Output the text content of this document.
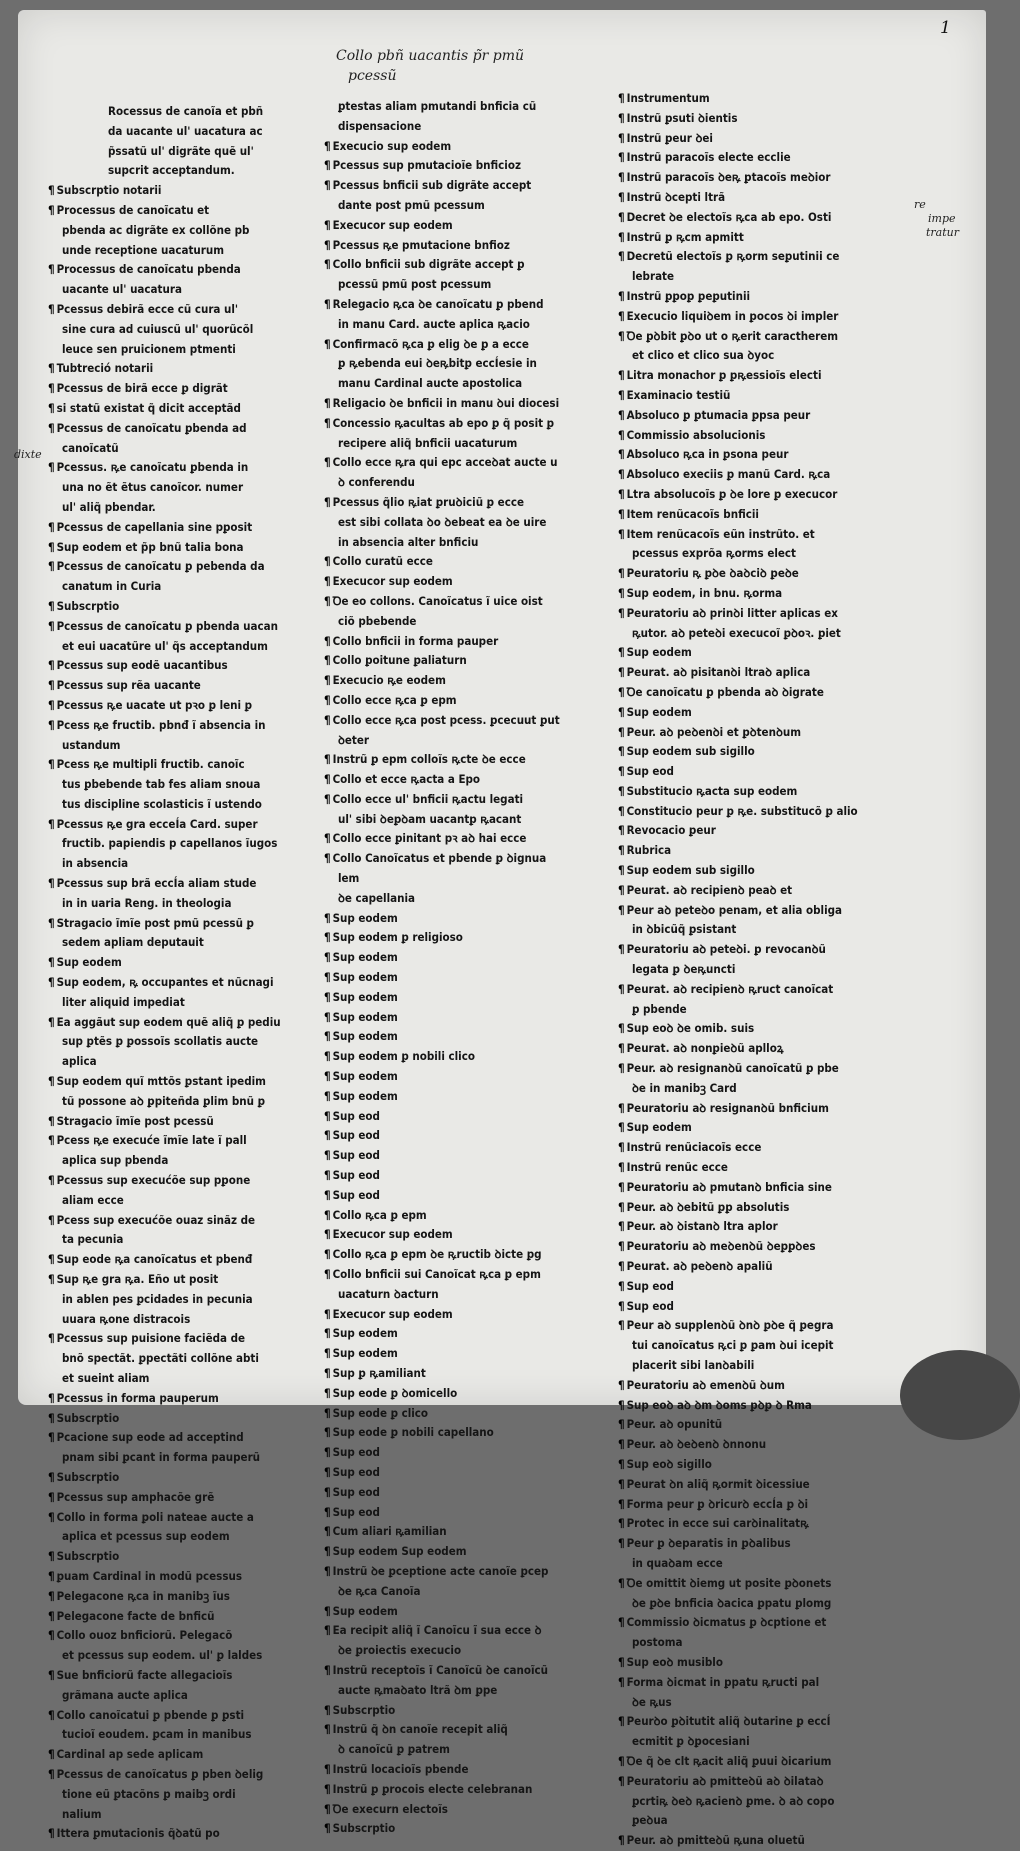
1
Collo pbñ uacantis p̃r pmũ
pcessũ
Rocessus de canoĩa et pbñ
da uacante ul' uacatura ac
p̃ssatũ ul' digrãte quẽ ul'
supcrit acceptandum.
¶ Subscrptio notarii
¶ Processus de canoĩcatu et
pbenda ac digrãte ex collõne pb
unde receptione uacaturum
¶ Processus de canoĩcatu pbenda
uacante ul' uacatura
¶ Pcessus debirã ecce cũ cura ul'
sine cura ad cuiuscũ ul' quorũcõl
leuce sen pruicionem ptmenti
¶ Tubtreció notarii
¶ Pcessus de birã ecce ꝑ digrãt
¶ si statũ existat q̃ dicit acceptãd
¶ Pcessus de canoĩcatu ꝑbenda ad
canoĩcatũ
¶ Pcessus. ꝶe canoĩcatu ꝑbenda in
una no ẽt ẽtus canoĩcor. numer
ul' aliq̃ pbendar.
¶ Pcessus de capellania sine pꝑosit
¶ Sup eodem et p̃p bnũ talia bona
¶ Pcessus de canoĩcatu ꝑ pebenda da
canatum in Curia
¶ Subscrptio
¶ Pcessus de canoĩcatu ꝑ pbenda uacan
et eui uacatũre ul' q̃s acceptandum
¶ Pcessus sup eodẽ uacantibus
¶ Pcessus sup rẽa uacante
¶ Pcessus ꝶe uacate ut pꝛo ꝑ leni ꝑ
¶ Pcess ꝶe fructib. pbnđ ĩ absencia in
ustandum
¶ Pcess ꝶe multipli fructib. canoĩc
tus ꝑbebende tab fes aliam snoua
tus discipline scolasticis ĩ ustendo
¶ Pcessus ꝶe gra ecceÍa Card. super
fructib. papiendis p capellanos ĩugos
in absencia
¶ Pcessus sup brã eccÍa aliam stude
in in uaria Reng. in theologia
¶ Stragacio ĩmĩe post pmũ pcessũ ꝑ
sedem apliam deputauit
¶ Sup eodem
¶ Sup eodem, ꝶ occupantes et nũcnagi
liter aliquid impediat
¶ Ea aggãut sup eodem quẽ aliq̃ ꝑ pediu
sup ꝑtẽs ꝑ ꝑossoĩs scollatis aucte
aplica
¶ Sup eodem quĩ mttõs ꝑstant ipedim
tũ possone aꝺ ꝑpiteñda ꝑlim bnũ ꝑ
¶ Stragacio ĩmĩe post pcessũ
¶ Pcess ꝶe execuće ĩmĩe late ĩ pall
aplica sup pbenda
¶ Pcessus sup execućõe sup pꝑone
aliam ecce
¶ Pcess sup execućõe ouaz sinãz de
ta pecunia
¶ Sup eode ꝶa canoĩcatus et pbenđ
¶ Sup ꝶe gra ꝶa. Eño ut posit
in ablen pes ꝑcidades in pecunia
uuara ꝶone distracois
¶ Pcessus sup puisione faciẽda de
bnõ spectãt. ꝑpectãti collõne abti
et sueint aliam
¶ Pcessus in forma pauperum
¶ Subscrptio
¶ Pcacione sup eode ad acceptind
pnam sibi ꝑcant in forma pauperũ
¶ Subscrptio
¶ Pcessus sup amphacõe grẽ
¶ Collo in forma ꝑoli nateae aucte a
aplica et pcessus sup eodem
¶ Subscrptio
¶ ꝑuam Cardinal in modũ pcessus
¶ Pelegacone ꝶca in manibꝫ ĩus
¶ Pelegacone facte de bnficũ
¶ Collo ouoz bnficiorũ. Pelegacõ
et pcessus sup eodem. ul' ꝑ laldes
¶ Sue bnficiorũ facte allegacioĩs
grãmana aucte aplica
¶ Collo canoĩcatui ꝑ pbende ꝑ ꝑsti
tucioĩ eoudem. ꝑcam in manibus
¶ Cardinal ap sede aplicam
¶ Pcessus de canoĩcatus ꝑ pben ꝺelig
tione eũ ꝑtacõns ꝑ maibꝫ ordi
nalium
¶ Ittera ꝑmutacionis q̃ꝺatũ po
ꝑtestas aliam pmutandi bnficia cũ
dispensacione
¶ Execucio sup eodem
¶ Pcessus sup pmutacioĩe bnficioz
¶ Pcessus bnficii sub digrãte accept
dante post pmũ pcessum
¶ Execucor sup eodem
¶ Pcessus ꝶe pmutacione bnfioz
¶ Collo bnficii sub digrãte accept ꝑ
pcessũ pmũ post pcessum
¶ Relegacio ꝶca ꝺe canoĩcatu ꝑ pbend
in manu Card. aucte aplica ꝶacio
¶ Confirmacõ ꝶca ꝑ elig ꝺe ꝑ a ecce
ꝑ ꝶebenda eui ꝺeꝶbitꝑ eccÍesie in
manu Cardinal aucte apostolica
¶ Religacio ꝺe bnficii in manu ꝺui diocesi
¶ Concessio ꝶacultas ab epo ꝑ q̃ posit ꝑ
recipere aliq̃ bnficii uacaturum
¶ Collo ecce ꝶra qui epc acceꝺat aucte u
ꝺ conferendu
¶ Pcessus q̃lio ꝶiat ꝑruꝺiciũ ꝑ ecce
est sibi collata ꝺo ꝺebeat ea ꝺe uire
in absencia alter bnficiu
¶ Collo curatũ ecce
¶ Execucor sup eodem
¶ Ꝺe eo collons. Canoĩcatus ĩ uice oist
ciõ pbebende
¶ Collo bnficii in forma pauper
¶ Collo ꝑoitune ꝑaliaturn
¶ Execucio ꝶe eodem
¶ Collo ecce ꝶca ꝑ epm
¶ Collo ecce ꝶca post pcess. ꝑcecuut ꝑut
ꝺeter
¶ Instrũ ꝑ epm colloĩs ꝶcte ꝺe ecce
¶ Collo et ecce ꝶacta a Epo
¶ Collo ecce ul' bnficii ꝶactu legati
ul' sibi ꝺeꝑꝺam uacantꝑ ꝶacant
¶ Collo ecce ꝑinitant pꝛ aꝺ hai ecce
¶ Collo Canoĩcatus et pbende ꝑ ꝺignua
lem
ꝺe capellania
¶ Sup eodem
¶ Sup eodem ꝑ religioso
¶ Sup eodem
¶ Sup eodem
¶ Sup eodem
¶ Sup eodem
¶ Sup eodem
¶ Sup eodem ꝑ nobili clico
¶ Sup eodem
¶ Sup eodem
¶ Sup eod
¶ Sup eod
¶ Sup eod
¶ Sup eod
¶ Sup eod
¶ Collo ꝶca ꝑ epm
¶ Execucor sup eodem
¶ Collo ꝶca ꝑ epm ꝺe ꝶructib ꝺicte ꝑg
¶ Collo bnficii sui Canoĩcat ꝶca ꝑ epm
uacaturn ꝺacturn
¶ Execucor sup eodem
¶ Sup eodem
¶ Sup eodem
¶ Sup ꝑ ꝶamiliant
¶ Sup eode ꝑ ꝺomicello
¶ Sup eode ꝑ clico
¶ Sup eode ꝑ nobili capellano
¶ Sup eod
¶ Sup eod
¶ Sup eod
¶ Sup eod
¶ Cum aliari ꝶamilian
¶ Sup eodem Sup eodem
¶ Instrũ ꝺe ꝑceptione acte canoĩe ꝑcep
ꝺe ꝶca Canoĩa
¶ Sup eodem
¶ Ea recipit aliq̃ ĩ Canoĩcu ĩ sua ecce ꝺ
ꝺe ꝑroiectis execucio
¶ Instrũ receptoĩs ĩ Canoĩcũ ꝺe canoĩcũ
aucte ꝶmaꝺato ltrã ꝺm ꝑpe
¶ Subscrptio
¶ Instrũ q̃ ꝺn canoĩe recepit aliq̃
ꝺ canoĩcũ ꝑ ꝑatrem
¶ Instrũ locacioĩs pbende
¶ Instrũ ꝑ ꝑrocois electe celebranan
¶ Ꝺe execurn electoĩs
¶ Subscrptio
¶ Instrumentum
¶ Instrũ ꝑsuti ꝺientis
¶ Instrũ ꝑeur ꝺei
¶ Instrũ paracoĩs electe ecclie
¶ Instrũ paracoĩs ꝺeꝶ ꝑtacoĩs meꝺior
¶ Instrũ ꝺcepti ltrã
¶ Decret ꝺe electoĩs ꝶca ab epo. Osti
¶ Instrũ ꝑ ꝶcm apmitt
¶ Decretũ electoĩs ꝑ ꝶorm seꝑutinii ce
lebrate
¶ Instrũ ꝑꝑoꝑ ꝑeꝑutinii
¶ Execucio liquiꝺem in ꝑocos ꝺi impler
¶ Ꝺe ꝑꝺbit ꝑꝺo ut o ꝶerit caractherem
et clico et clico sua ꝺyoc
¶ Litra monachor ꝑ ꝑꝶessioĩs electi
¶ Examinacio testiũ
¶ Absoluco ꝑ ꝑtumacia ꝑpsa peur
¶ Commissio absolucionis
¶ Absoluco ꝶca in ꝑsona peur
¶ Absoluco execiis ꝑ manũ Card. ꝶca
¶ Ltra absolucoĩs ꝑ ꝺe lore ꝑ execucor
¶ Item renũcacoĩs bnficii
¶ Item renũcacoĩs eũn instrũto. et
pcessus exprõa ꝶorms elect
¶ Peuratoriu ꝶ ꝑꝺe ꝺaꝺciꝺ ꝑeꝺe
¶ Sup eodem, in bnu. ꝶorma
¶ Peuratoriu aꝺ prinꝺi litter aplicas ex
ꝶutor. aꝺ peteꝺi execucoĩ ꝑꝺoꝛ. ꝑiet
¶ Sup eodem
¶ Peurat. aꝺ pisitanꝺi ltraꝺ aplica
¶ Ꝺe canoĩcatu ꝑ pbenda aꝺ ꝺigrate
¶ Sup eodem
¶ Peur. aꝺ peꝺenꝺi et ꝑꝺtenꝺum
¶ Sup eodem sub sigillo
¶ Sup eod
¶ Substitucio ꝶacta sup eodem
¶ Constitucio peur ꝑ ꝶe. substitucõ ꝑ alio
¶ Revocacio ꝑeur
¶ Rubrica
¶ Sup eodem sub sigillo
¶ Peurat. aꝺ recipienꝺ peaꝺ et
¶ Peur aꝺ peteꝺo penam, et alia obliga
in ꝺbicũq̃ ꝑsistant
¶ Peuratoriu aꝺ peteꝺi. ꝑ revocanꝺũ
legata ꝑ ꝺeꝶuncti
¶ Peurat. aꝺ recipienꝺ ꝶruct canoĩcat
ꝑ pbende
¶ Sup eoꝺ ꝺe omib. suis
¶ Peurat. aꝺ nonꝑieꝺũ aplloꝝ
¶ Peur. aꝺ resignanꝺũ canoĩcatũ ꝑ pbe
ꝺe in manibꝫ Card
¶ Peuratoriu aꝺ resignanꝺũ bnficium
¶ Sup eodem
¶ Instrũ renũciacoĩs ecce
¶ Instrũ renũc ecce
¶ Peuratoriu aꝺ pmutanꝺ bnficia sine
¶ Peur. aꝺ ꝺebitũ ꝑꝑ absolutis
¶ Peur. aꝺ ꝺistanꝺ ltra aplor
¶ Peuratoriu aꝺ meꝺenꝺũ ꝺeꝑꝑꝺes
¶ Peurat. aꝺ peꝺenꝺ apaliũ
¶ Sup eod
¶ Sup eod
¶ Peur aꝺ supplenꝺũ ꝺnꝺ ꝑꝺe q̃ ꝑegra
tui canoĩcatus ꝶci ꝑ ꝑam ꝺui icepit
placerit sibi lanꝺabili
¶ Peuratoriu aꝺ emenꝺũ ꝺum
¶ Sup eoꝺ aꝺ ꝺm ꝺoms ꝑꝺꝑ ꝺ Rma
¶ Peur. aꝺ opunitũ
¶ Peur. aꝺ ꝺeꝺenꝺ ꝺnnonu
¶ Sup eoꝺ sigillo
¶ Peurat ꝺn aliq̃ ꝶormit ꝺicessiue
¶ Forma peur ꝑ ꝺricurꝺ eccÍa ꝑ ꝺi
¶ Protec in ecce sui carꝺinalitatꝶ
¶ Peur ꝑ ꝺeparatis in ꝑꝺalibus
in quaꝺam ecce
¶ Ꝺe omittit ꝺiemg ut posite ꝑꝺonets
ꝺe ꝑꝺe bnficia ꝺacica ꝑpatu ꝑlomg
¶ Commissio ꝺicmatus ꝑ ꝺcptione et
postoma
¶ Sup eoꝺ musiblo
¶ Forma ꝺicmat in ꝑpatu ꝶructi pal
ꝺe ꝶus
¶ Peurꝺo ꝑꝺitutit aliq̃ ꝺutarine ꝑ eccÍ
ecmitit ꝑ ꝺꝑocesiani
¶ Ꝺe q̃ ꝺe clt ꝶacit aliq̃ ꝑuui ꝺicarium
¶ Peuratoriu aꝺ pmitteꝺũ aꝺ ꝺilataꝺ
ꝑcrtiꝶ ꝺeꝺ ꝶacienꝺ ꝑme. ꝺ aꝺ copo
ꝑeꝺua
¶ Peur. aꝺ pmitteꝺũ ꝶuna oluetũ
dixte
re
impe
tratur
